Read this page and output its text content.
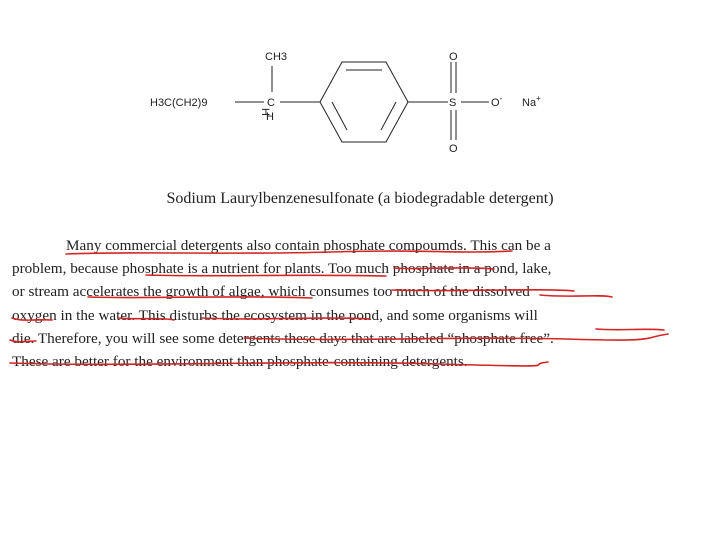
H3C(CH2)9	C
CH3
H
H
S
O
O
O- Na+

Sodium Laurylbenzenesulfonate (a biodegradable detergent)

Many commercial detergents also contain phosphate compoumds. This can be a
problem, because phosphate is a nutrient for plants. Too much phosphate in a pond, lake,
or stream accelerates the growth of algae, which consumes too much of the dissolved
oxygen in the water. This disturbs the ecosystem in the pond, and some organisms will
die. Therefore, you will see some detergents these days that are labeled “phosphate free”.
These are better for the environment than phosphate-containing detergents.
